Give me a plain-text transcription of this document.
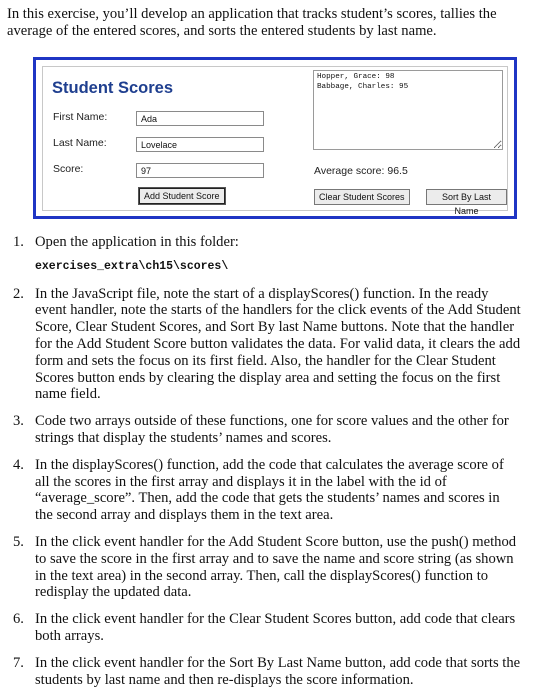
In this exercise, you’ll develop an application that tracks student’s scores, tallies the average of the entered scores, and sorts the entered students by last name.
Student Scores
First Name:
Ada
Last Name:
Lovelace
Score:
97
Add Student Score
Hopper, Grace: 98 Babbage, Charles: 95
Average score: 96.5
Clear Student Scores	Sort By Last Name
1. Open the application in this folder:
exercises_extra\ch15\scores\
2. In the JavaScript file, note the start of a displayScores() function. In the ready event handler, note the starts of the handlers for the click events of the Add Student Score, Clear Student Scores, and Sort By last Name buttons. Note that the handler for the Add Student Score button validates the data. For valid data, it clears the add form and sets the focus on its first field. Also, the handler for the Clear Student Scores button ends by clearing the display area and setting the focus on the first name field.
3. Code two arrays outside of these functions, one for score values and the other for strings that display the students’ names and scores.
4. In the displayScores() function, add the code that calculates the average score of all the scores in the first array and displays it in the label with the id of “average_score”. Then, add the code that gets the students’ names and scores in the second array and displays them in the text area.
5. In the click event handler for the Add Student Score button, use the push() method to save the score in the first array and to save the name and score string (as shown in the text area) in the second array. Then, call the displayScores() function to redisplay the updated data.
6. In the click event handler for the Clear Student Scores button, add code that clears both arrays.
7. In the click event handler for the Sort By Last Name button, add code that sorts the students by last name and then re-displays the score information.
